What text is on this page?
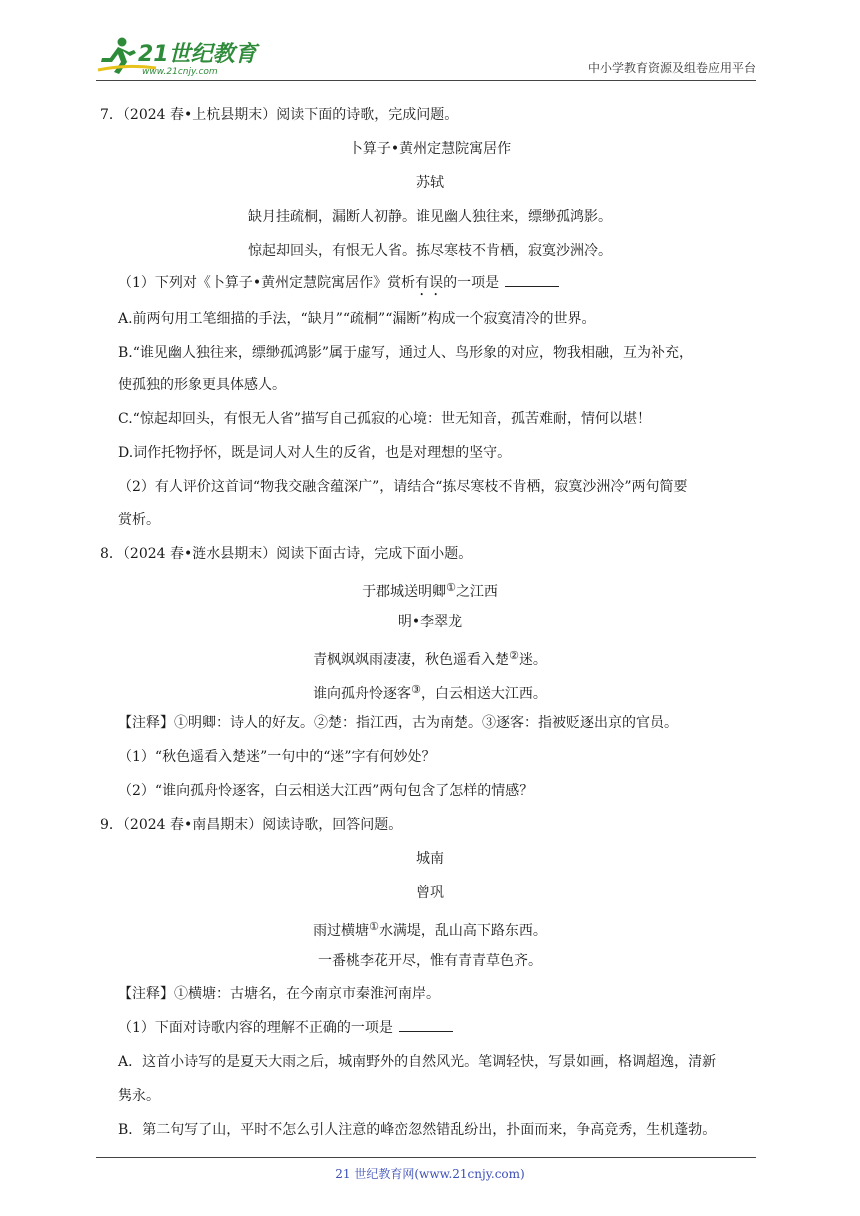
21世纪教育
www.21cnjy.com	中小学教育资源及组卷应用平台
7．（2024 春•上杭县期末）阅读下面的诗歌，完成问题。
卜算子•黄州定慧院寓居作
苏轼
缺月挂疏桐，漏断人初静。谁见幽人独往来，缥缈孤鸿影。
惊起却回头，有恨无人省。拣尽寒枝不肯栖，寂寞沙洲冷。
（1）下列对《卜算子•黄州定慧院寓居作》赏析有误的一项是
A.前两句用工笔细描的手法，“缺月”“疏桐”“漏断”构成一个寂寞清冷的世界。
B.“谁见幽人独往来，缥缈孤鸿影”属于虚写，通过人、鸟形象的对应，物我相融，互为补充，
使孤独的形象更具体感人。
C.“惊起却回头，有恨无人省”描写自己孤寂的心境：世无知音，孤苦难耐，情何以堪！
D.词作托物抒怀，既是词人对人生的反省，也是对理想的坚守。
（2）有人评价这首词“物我交融含蕴深广”，请结合“拣尽寒枝不肯栖，寂寞沙洲冷”两句简要
赏析。
8．（2024 春•涟水县期末）阅读下面古诗，完成下面小题。
于郡城送明卿①之江西
明•李翠龙
青枫飒飒雨凄凄，秋色遥看入楚②迷。
谁向孤舟怜逐客③，白云相送大江西。
【注释】①明卿：诗人的好友。②楚：指江西，古为南楚。③逐客：指被贬逐出京的官员。
（1）“秋色遥看入楚迷”一句中的“迷”字有何妙处？
（2）“谁向孤舟怜逐客，白云相送大江西”两句包含了怎样的情感？
9．（2024 春•南昌期末）阅读诗歌，回答问题。
城南
曾巩
雨过横塘①水满堤，乱山高下路东西。
一番桃李花开尽，惟有青青草色齐。
【注释】①横塘：古塘名，在今南京市秦淮河南岸。
（1）下面对诗歌内容的理解不正确的一项是
A．这首小诗写的是夏天大雨之后，城南野外的自然风光。笔调轻快，写景如画，格调超逸，清新
隽永。
B．第二句写了山，平时不怎么引人注意的峰峦忽然错乱纷出，扑面而来，争高竞秀，生机蓬勃。
21 世纪教育网(www.21cnjy.com)
